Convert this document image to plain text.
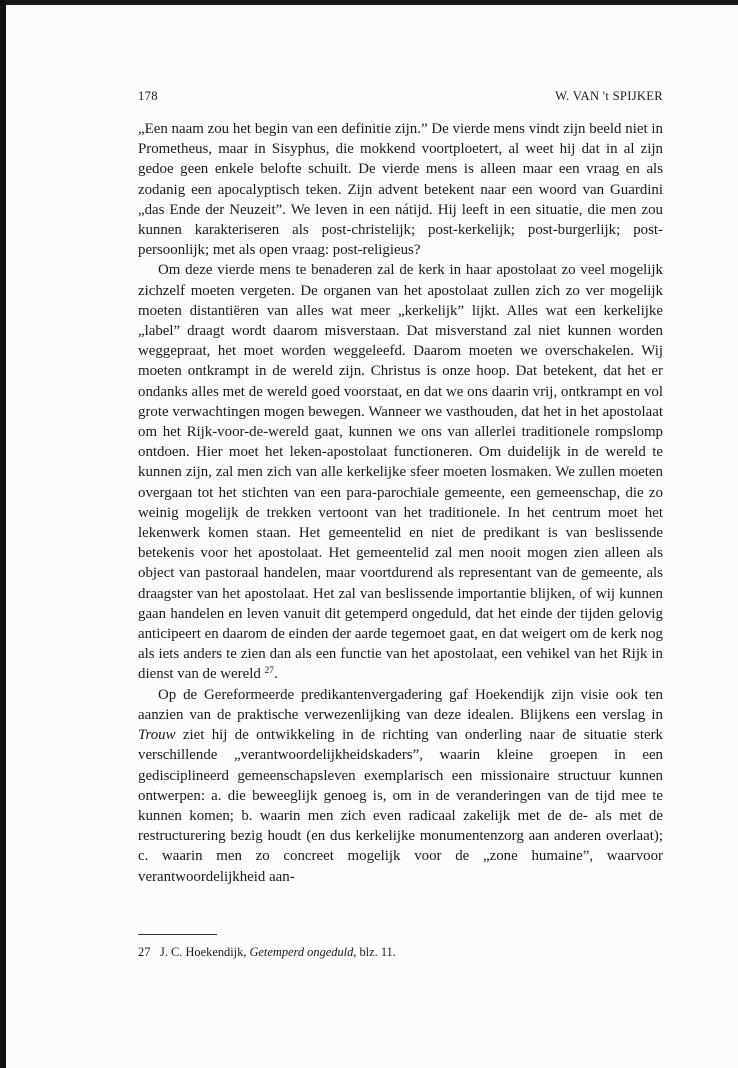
178	W. VAN 't SPIJKER

„Een naam zou het begin van een definitie zijn.” De vierde mens vindt zijn beeld niet in Prometheus, maar in Sisyphus, die mokkend voortploetert, al weet hij dat in al zijn gedoe geen enkele belofte schuilt. De vierde mens is alleen maar een vraag en als zodanig een apocalyptisch teken. Zijn advent betekent naar een woord van Guardini „das Ende der Neuzeit”. We leven in een nátijd. Hij leeft in een situatie, die men zou kunnen karakteriseren als post-christelijk; post-kerkelijk; post-burgerlijk; post-persoonlijk; met als open vraag: post-religieus?

Om deze vierde mens te benaderen zal de kerk in haar apostolaat zo veel mogelijk zichzelf moeten vergeten. De organen van het apostolaat zullen zich zo ver mogelijk moeten distantiëren van alles wat meer „kerkelijk” lijkt. Alles wat een kerkelijke „label” draagt wordt daarom misverstaan. Dat misverstand zal niet kunnen worden weggepraat, het moet worden weggeleefd. Daarom moeten we overschakelen. Wij moeten ontkrampt in de wereld zijn. Christus is onze hoop. Dat betekent, dat het er ondanks alles met de wereld goed voorstaat, en dat we ons daarin vrij, ontkrampt en vol grote verwachtingen mogen bewegen. Wanneer we vasthouden, dat het in het apostolaat om het Rijk-voor-de-wereld gaat, kunnen we ons van allerlei traditionele rompslomp ontdoen. Hier moet het leken-apostolaat functioneren. Om duidelijk in de wereld te kunnen zijn, zal men zich van alle kerkelijke sfeer moeten losmaken. We zullen moeten overgaan tot het stichten van een para-parochiale gemeente, een gemeenschap, die zo weinig mogelijk de trekken vertoont van het traditionele. In het centrum moet het lekenwerk komen staan. Het gemeentelid en niet de predikant is van beslissende betekenis voor het apostolaat. Het gemeentelid zal men nooit mogen zien alleen als object van pastoraal handelen, maar voortdurend als representant van de gemeente, als draagster van het apostolaat. Het zal van beslissende importantie blijken, of wij kunnen gaan handelen en leven vanuit dit getemperd ongeduld, dat het einde der tijden gelovig anticipeert en daarom de einden der aarde tegemoet gaat, en dat weigert om de kerk nog als iets anders te zien dan als een functie van het apostolaat, een vehikel van het Rijk in dienst van de wereld $^{27}$.

Op de Gereformeerde predikantenvergadering gaf Hoekendijk zijn visie ook ten aanzien van de praktische verwezenlijking van deze idealen. Blijkens een verslag in Trouw ziet hij de ontwikkeling in de richting van onderling naar de situatie sterk verschillende „verantwoordelijkheidskaders”, waarin kleine groepen in een gedisciplineerd gemeenschapsleven exemplarisch een missionaire structuur kunnen ontwerpen: a. die beweeglijk genoeg is, om in de veranderingen van de tijd mee te kunnen komen; b. waarin men zich even radicaal zakelijk met de de- als met de restructurering bezig houdt (en dus kerkelijke monumentenzorg aan anderen overlaat); c. waarin men zo concreet mogelijk voor de „zone humaine”, waarvoor verantwoordelijkheid aan-

27 J. C. Hoekendijk, Getemperd ongeduld, blz. 11.
